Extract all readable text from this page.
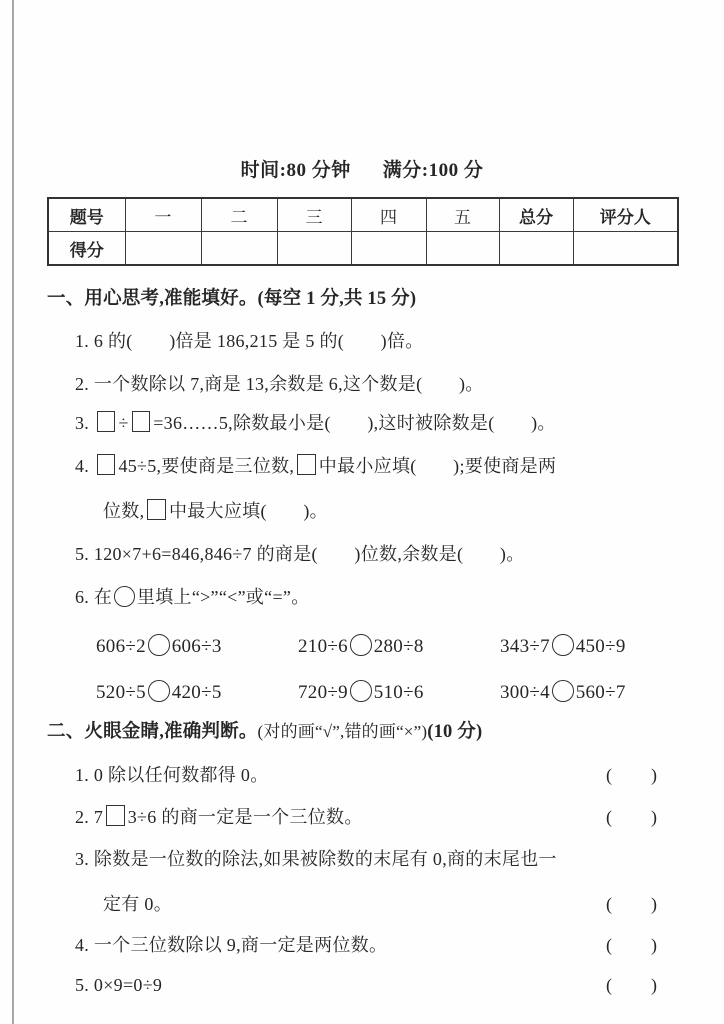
时间:80 分钟 满分:100 分
题号	一	二	三	四	五	总分	评分人
得分							
一、用心思考,准能填好。(每空 1 分,共 15 分)
1. 6 的(　　)倍是 186,215 是 5 的(　　)倍。
2. 一个数除以 7,商是 13,余数是 6,这个数是(　　)。
3. ÷ =36……5,除数最小是(　　),这时被除数是(　　)。
4. 45÷5,要使商是三位数, 中最小应填(　　);要使商是两
位数, 中最大应填(　　)。
5. 120×7+6=846,846÷7 的商是(　　)位数,余数是(　　)。
6. 在 里填上“>”“<”或“=”。
606÷2 606÷3	210÷6 280÷8	343÷7 450÷9
520÷5 420÷5	720÷9 510÷6	300÷4 560÷7
二、火眼金睛,准确判断。(对的画“√”,错的画“×”)(10 分)
1. 0 除以任何数都得 0。	(　　)
2. 7 3÷6 的商一定是一个三位数。	(　　)
3. 除数是一位数的除法,如果被除数的末尾有 0,商的末尾也一
定有 0。	(　　)
4. 一个三位数除以 9,商一定是两位数。	(　　)
5. 0×9=0÷9	(　　)
